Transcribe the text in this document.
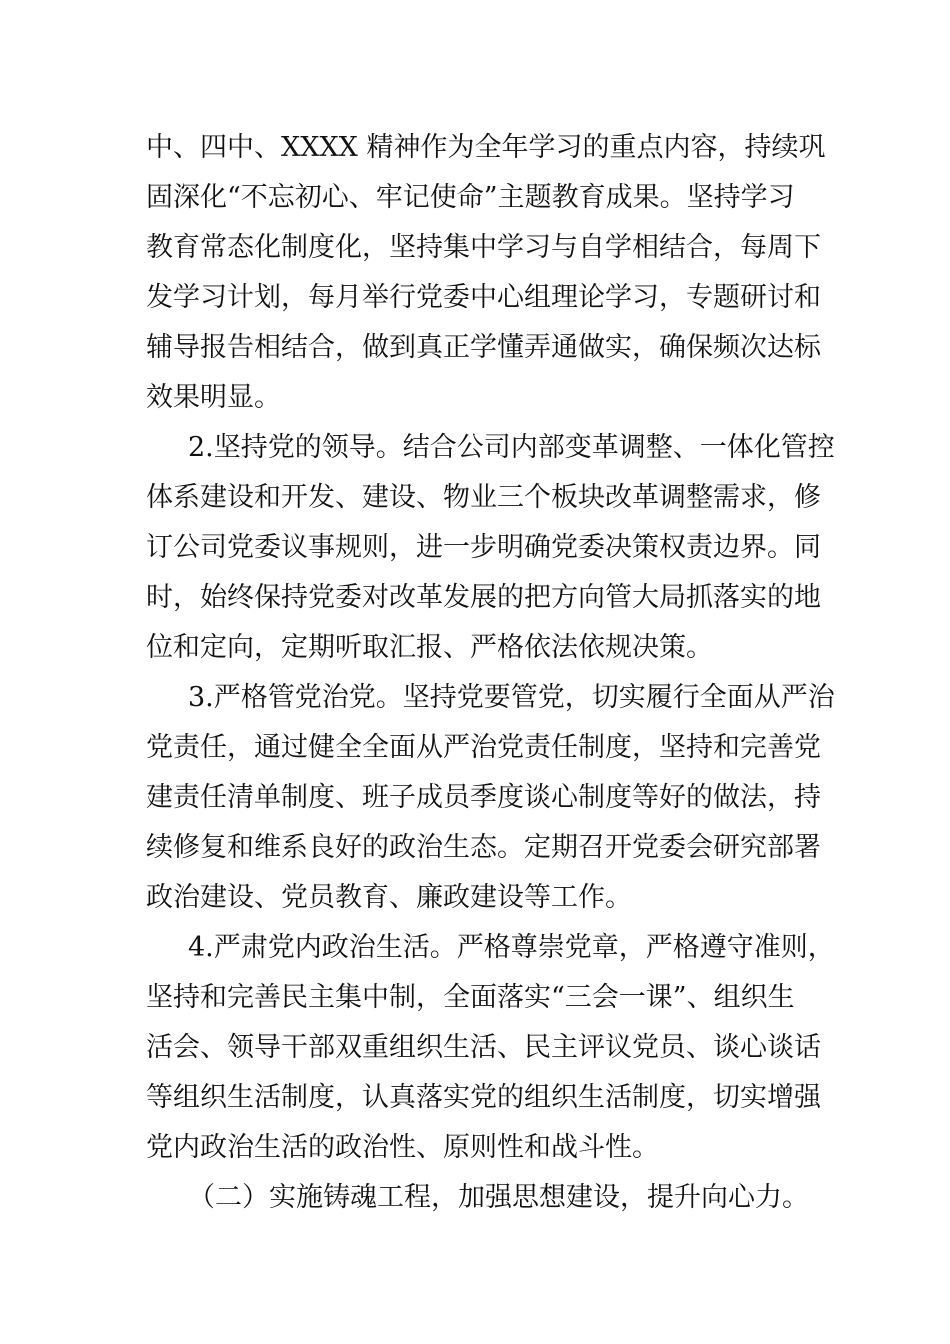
中、四中、XXXX 精神作为全年学习的重点内容，持续巩
固深化“不忘初心、牢记使命”主题教育成果。坚持学习
教育常态化制度化，坚持集中学习与自学相结合，每周下
发学习计划，每月举行党委中心组理论学习，专题研讨和
辅导报告相结合，做到真正学懂弄通做实，确保频次达标
效果明显。
2.坚持党的领导。结合公司内部变革调整、一体化管控
体系建设和开发、建设、物业三个板块改革调整需求，修
订公司党委议事规则，进一步明确党委决策权责边界。同
时，始终保持党委对改革发展的把方向管大局抓落实的地
位和定向，定期听取汇报、严格依法依规决策。
3.严格管党治党。坚持党要管党，切实履行全面从严治
党责任，通过健全全面从严治党责任制度，坚持和完善党
建责任清单制度、班子成员季度谈心制度等好的做法，持
续修复和维系良好的政治生态。定期召开党委会研究部署
政治建设、党员教育、廉政建设等工作。
4.严肃党内政治生活。严格尊崇党章，严格遵守准则，
坚持和完善民主集中制，全面落实“三会一课”、组织生
活会、领导干部双重组织生活、民主评议党员、谈心谈话
等组织生活制度，认真落实党的组织生活制度，切实增强
党内政治生活的政治性、原则性和战斗性。
（二）实施铸魂工程，加强思想建设，提升向心力。
